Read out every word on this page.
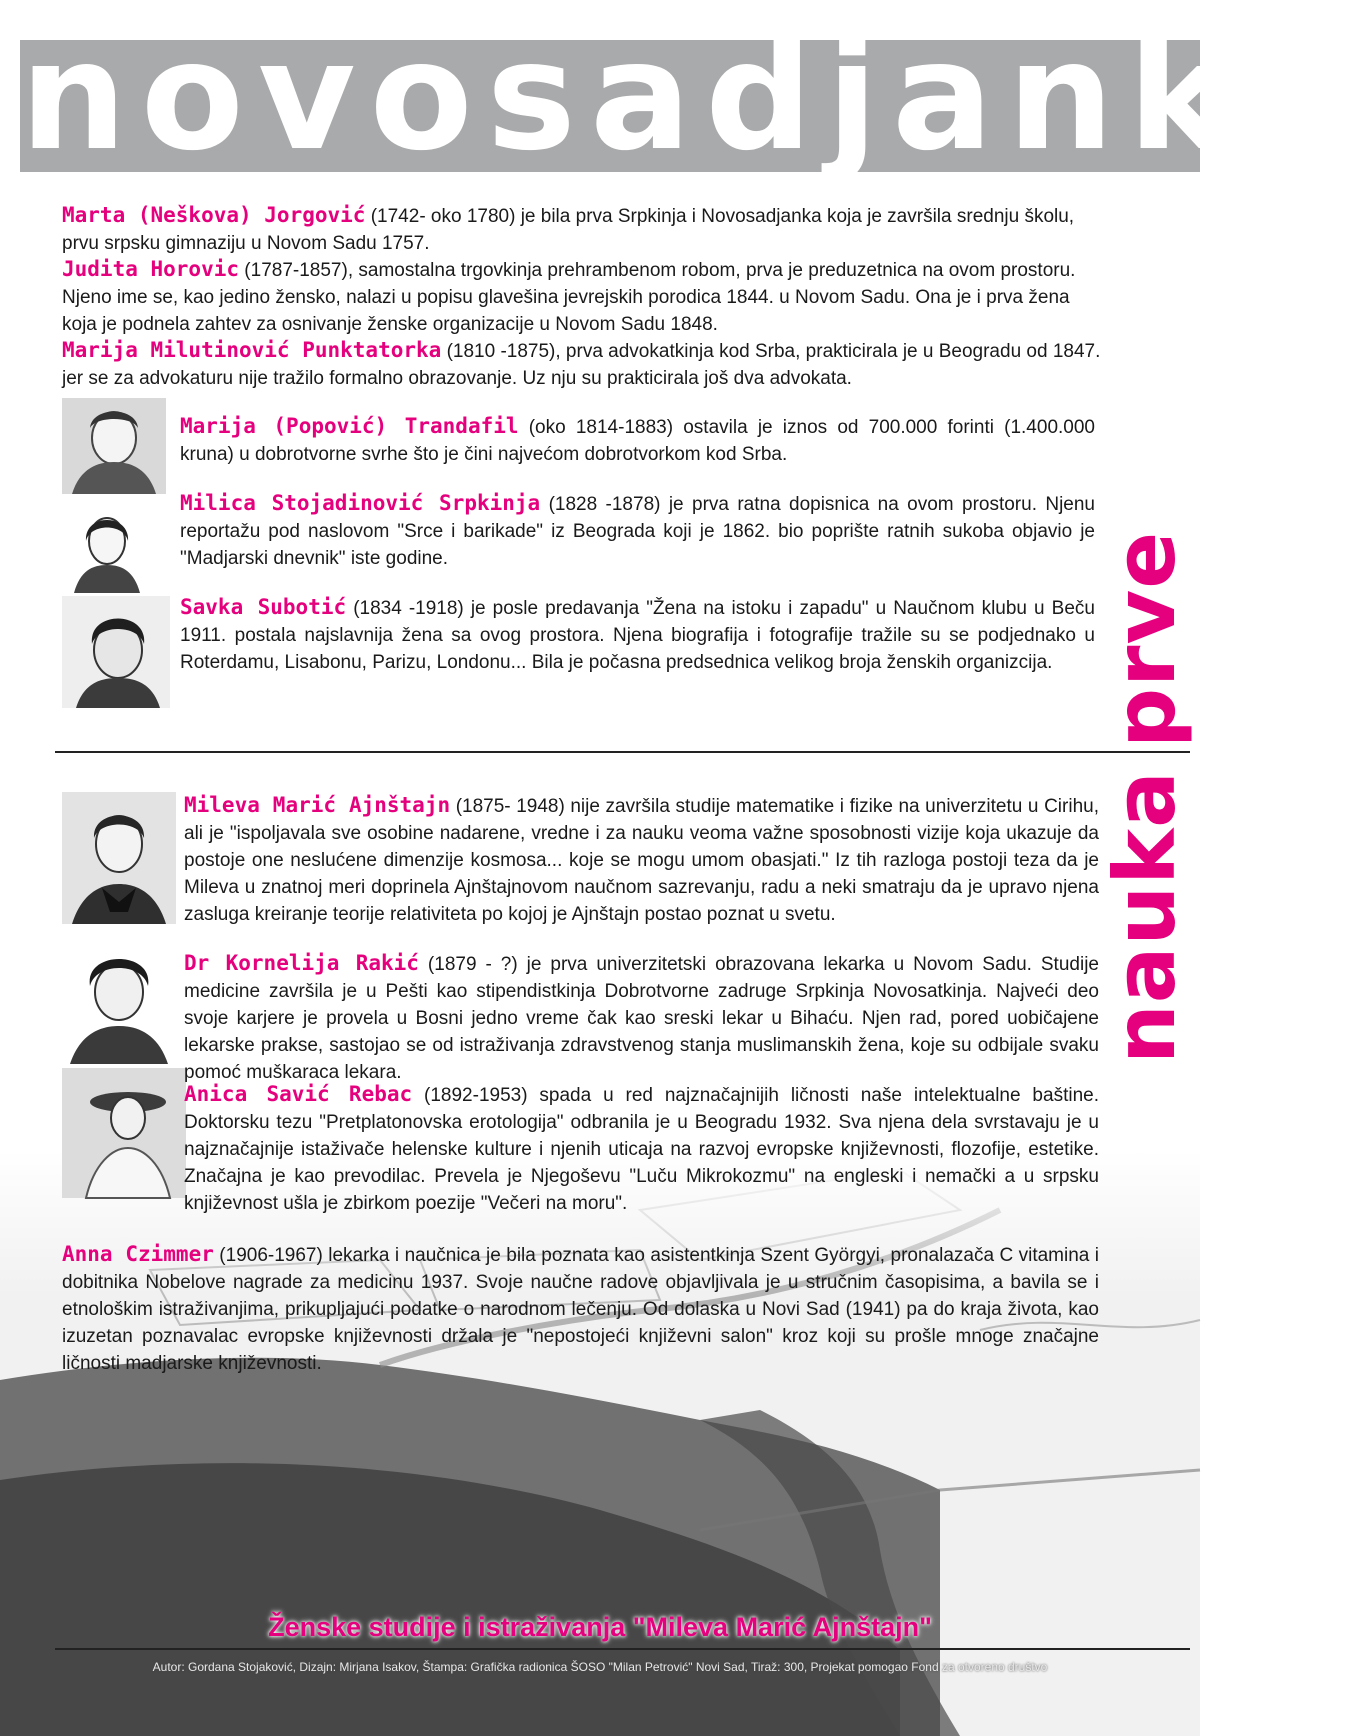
novosadjanke
Marta (Neškova) Jorgović (1742- oko 1780) je bila prva Srpkinja i Novosadjanka koja je završila srednju školu, prvu srpsku gimnaziju u Novom Sadu 1757.
Judita Horovic (1787-1857), samostalna trgovkinja prehrambenom robom, prva je preduzetnica na ovom prostoru. Njeno ime se, kao jedino žensko, nalazi u popisu glavešina jevrejskih porodica 1844. u Novom Sadu. Ona je i prva žena koja je podnela zahtev za osnivanje ženske organizacije u Novom Sadu 1848.
Marija Milutinović Punktatorka (1810 -1875), prva advokatkinja kod Srba, prakticirala je u Beogradu od 1847. jer se za advokaturu nije tražilo formalno obrazovanje. Uz nju su prakticirala još dva advokata.
Marija (Popović) Trandafil (oko 1814-1883) ostavila je iznos od 700.000 forinti (1.400.000 kruna) u dobrotvorne svrhe što je čini najvećom dobrotvorkom kod Srba.
Milica Stojadinović Srpkinja (1828 -1878) je prva ratna dopisnica na ovom prostoru. Njenu reportažu pod naslovom "Srce i barikade" iz Beograda koji je 1862. bio poprište ratnih sukoba objavio je "Madjarski dnevnik" iste godine.
Savka Subotić (1834 -1918) je posle predavanja "Žena na istoku i zapadu" u Naučnom klubu u Beču 1911. postala najslavnija žena sa ovog prostora. Njena biografija i fotografije tražile su se podjednako u Roterdamu, Lisabonu, Parizu, Londonu... Bila je počasna predsednica velikog broja ženskih organizcija. prve
nauka
Mileva Marić Ajnštajn (1875- 1948) nije završila studije matematike i fizike na univerzitetu u Cirihu, ali je "ispoljavala sve osobine nadarene, vredne i za nauku veoma važne sposobnosti vizije koja ukazuje da postoje one neslućene dimenzije kosmosa... koje se mogu umom obasjati." Iz tih razloga postoji teza da je Mileva u znatnoj meri doprinela Ajnštajnovom naučnom sazrevanju, radu a neki smatraju da je upravo njena zasluga kreiranje teorije relativiteta po kojoj je Ajnštajn postao poznat u svetu.
Dr Kornelija Rakić (1879 - ?) je prva univerzitetski obrazovana lekarka u Novom Sadu. Studije medicine završila je u Pešti kao stipendistkinja Dobrotvorne zadruge Srpkinja Novosatkinja. Najveći deo svoje karjere je provela u Bosni jedno vreme čak kao sreski lekar u Bihaću. Njen rad, pored uobičajene lekarske prakse, sastojao se od istraživanja zdravstvenog stanja muslimanskih žena, koje su odbijale svaku pomoć muškaraca lekara.
Anica Savić Rebac (1892-1953) spada u red najznačajnijih ličnosti naše intelektualne baštine. Doktorsku tezu "Pretplatonovska erotologija" odbranila je u Beogradu 1932. Sva njena dela svrstavaju je u najznačajnije istaživače helenske kulture i njenih uticaja na razvoj evropske književnosti, flozofije, estetike. Značajna je kao prevodilac. Prevela je Njegoševu "Luču Mikrokozmu" na engleski i nemački a u srpsku književnost ušla je zbirkom poezije "Večeri na moru".
Anna Czimmer (1906-1967) lekarka i naučnica je bila poznata kao asistentkinja Szent Györgyi, pronalazača C vitamina i dobitnika Nobelove nagrade za medicinu 1937. Svoje naučne radove objavljivala je u stručnim časopisima, a bavila se i etnološkim istraživanjima, prikupljajući podatke o narodnom lečenju. Od dolaska u Novi Sad (1941) pa do kraja života, kao izuzetan poznavalac evropske književnosti držala je "nepostojeći književni salon" kroz koji su prošle mnoge značajne ličnosti madjarske književnosti.
Ženske studije i istraživanja "Mileva Marić Ajnštajn"
Autor: Gordana Stojaković, Dizajn: Mirjana Isakov, Štampa: Grafička radionica ŠOSO "Milan Petrović" Novi Sad, Tiraž: 300, Projekat pomogao Fond za otvoreno društvo
